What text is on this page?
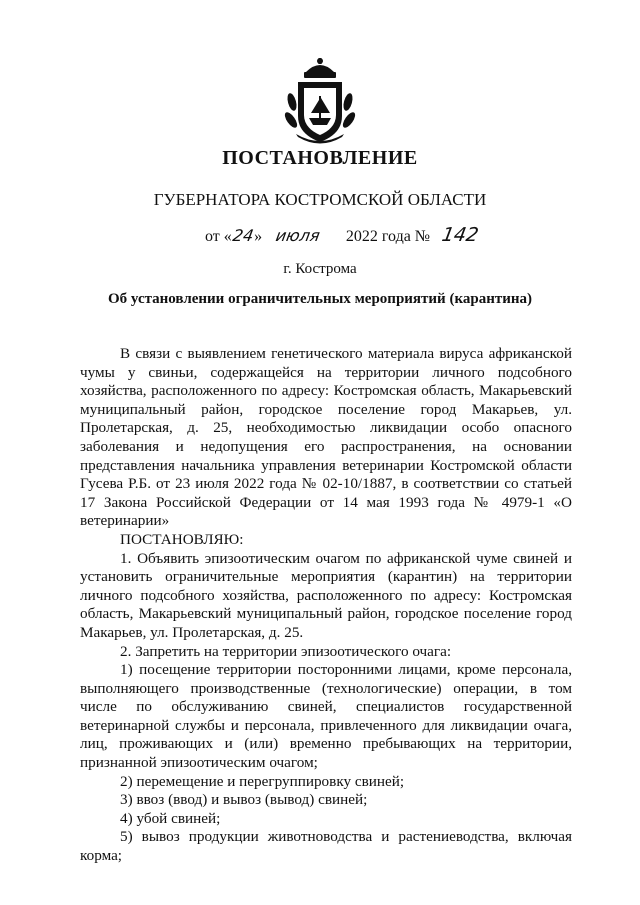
ПОСТАНОВЛЕНИЕ
ГУБЕРНАТОРА КОСТРОМСКОЙ ОБЛАСТИ
от «24» июля 2022 года № 142
г. Кострома
Об установлении ограничительных мероприятий (карантина)

В связи с выявлением генетического материала вируса африканской чумы у свиньи, содержащейся на территории личного подсобного хозяйства, расположенного по адресу: Костромская область, Макарьевский муниципальный район, городское поселение город Макарьев, ул. Пролетарская, д. 25, необходимостью ликвидации особо опасного заболевания и недопущения его распространения, на основании представления начальника управления ветеринарии Костромской области Гусева Р.Б. от 23 июля 2022 года № 02-10/1887, в соответствии со статьей 17 Закона Российской Федерации от 14 мая 1993 года № 4979-1 «О ветеринарии»

ПОСТАНОВЛЯЮ:

1. Объявить эпизоотическим очагом по африканской чуме свиней и установить ограничительные мероприятия (карантин) на территории личного подсобного хозяйства, расположенного по адресу: Костромская область, Макарьевский муниципальный район, городское поселение город Макарьев, ул. Пролетарская, д. 25.

2. Запретить на территории эпизоотического очага:

1) посещение территории посторонними лицами, кроме персонала, выполняющего производственные (технологические) операции, в том числе по обслуживанию свиней, специалистов государственной ветеринарной службы и персонала, привлеченного для ликвидации очага, лиц, проживающих и (или) временно пребывающих на территории, признанной эпизоотическим очагом;

2) перемещение и перегруппировку свиней;

3) ввоз (ввод) и вывоз (вывод) свиней;

4) убой свиней;

5) вывоз продукции животноводства и растениеводства, включая корма;
